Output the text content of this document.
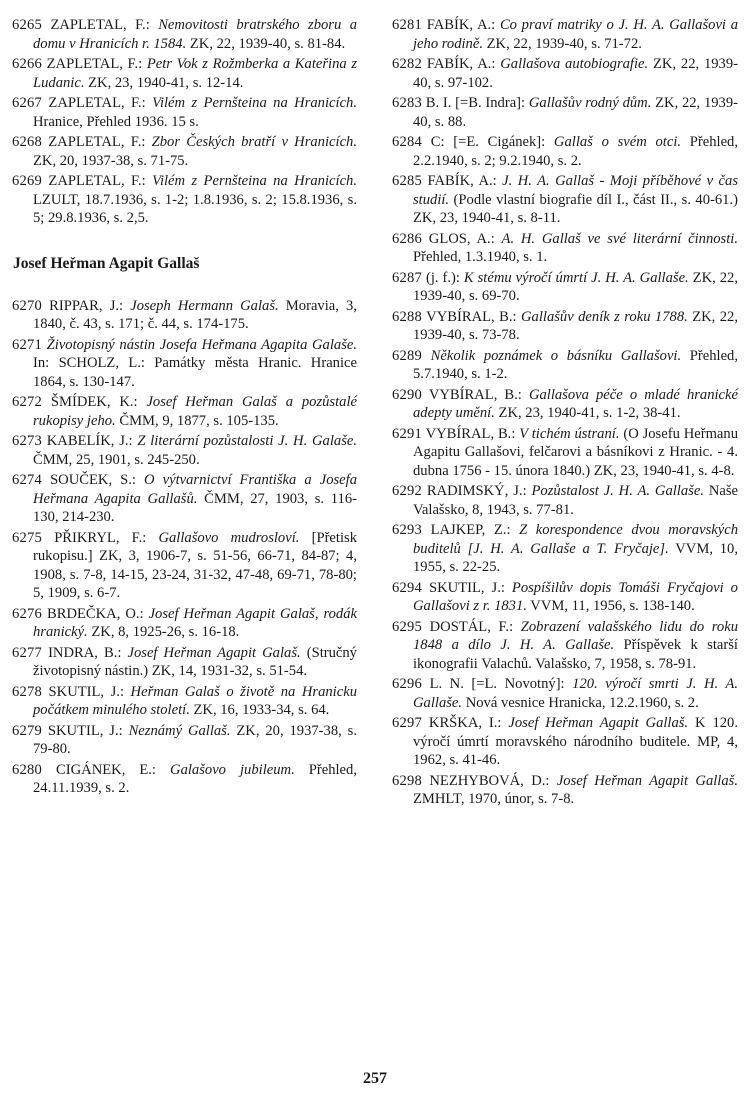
6265 ZAPLETAL, F.: Nemovitosti bratrského zboru a domu v Hranicích r. 1584. ZK, 22, 1939-40, s. 81-84.
6266 ZAPLETAL, F.: Petr Vok z Rožmberka a Kateřina z Ludanic. ZK, 23, 1940-41, s. 12-14.
6267 ZAPLETAL, F.: Vilém z Pernšteina na Hranicích. Hranice, Přehled 1936. 15 s.
6268 ZAPLETAL, F.: Zbor Českých bratří v Hranicích. ZK, 20, 1937-38, s. 71-75.
6269 ZAPLETAL, F.: Vilém z Pernšteina na Hranicích. LZULT, 18.7.1936, s. 1-2; 1.8.1936, s. 2; 15.8.1936, s. 5; 29.8.1936, s. 2,5.
Josef Heřman Agapit Gallaš
6270 RIPPAR, J.: Joseph Hermann Galaš. Moravia, 3, 1840, č. 43, s. 171; č. 44, s. 174-175.
6271 Životopisný nástin Josefa Heřmana Agapita Galaše. In: SCHOLZ, L.: Památky města Hranic. Hranice 1864, s. 130-147.
6272 ŠMÍDEK, K.: Josef Heřman Galaš a pozůstalé rukopisy jeho. ČMM, 9, 1877, s. 105-135.
6273 KABELÍK, J.: Z literární pozůstalosti J. H. Galaše. ČMM, 25, 1901, s. 245-250.
6274 SOUČEK, S.: O výtvarnictví Františka a Josefa Heřmana Agapita Gallašů. ČMM, 27, 1903, s. 116-130, 214-230.
6275 PŘIKRYL, F.: Gallašovo mudrosloví. [Přetisk rukopisu.] ZK, 3, 1906-7, s. 51-56, 66-71, 84-87; 4, 1908, s. 7-8, 14-15, 23-24, 31-32, 47-48, 69-71, 78-80; 5, 1909, s. 6-7.
6276 BRDEČKA, O.: Josef Heřman Agapit Galaš, rodák hranický. ZK, 8, 1925-26, s. 16-18.
6277 INDRA, B.: Josef Heřman Agapit Galaš. (Stručný životopisný nástin.) ZK, 14, 1931-32, s. 51-54.
6278 SKUTIL, J.: Heřman Galaš o životě na Hranicku počátkem minulého století. ZK, 16, 1933-34, s. 64.
6279 SKUTIL, J.: Neznámý Gallaš. ZK, 20, 1937-38, s. 79-80.
6280 CIGÁNEK, E.: Galašovo jubileum. Přehled, 24.11.1939, s. 2.
6281 FABÍK, A.: Co praví matriky o J. H. A. Gallašovi a jeho rodině. ZK, 22, 1939-40, s. 71-72.
6282 FABÍK, A.: Gallašova autobiografie. ZK, 22, 1939-40, s. 97-102.
6283 B. I. [=B. Indra]: Gallašův rodný dům. ZK, 22, 1939-40, s. 88.
6284 C: [=E. Cigánek]: Gallaš o svém otci. Přehled, 2.2.1940, s. 2; 9.2.1940, s. 2.
6285 FABÍK, A.: J. H. A. Gallaš - Moji příběhové v čas studií. (Podle vlastní biografie díl I., část II., s. 40-61.) ZK, 23, 1940-41, s. 8-11.
6286 GLOS, A.: A. H. Gallaš ve své literární činnosti. Přehled, 1.3.1940, s. 1.
6287 (j. f.): K stému výročí úmrtí J. H. A. Gallaše. ZK, 22, 1939-40, s. 69-70.
6288 VYBÍRAL, B.: Gallašův deník z roku 1788. ZK, 22, 1939-40, s. 73-78.
6289 Několik poznámek o básníku Gallašovi. Přehled, 5.7.1940, s. 1-2.
6290 VYBÍRAL, B.: Gallašova péče o mladé hranické adepty umění. ZK, 23, 1940-41, s. 1-2, 38-41.
6291 VYBÍRAL, B.: V tichém ústraní. (O Josefu Heřmanu Agapitu Gallašovi, felčarovi a básníkovi z Hranic. - 4. dubna 1756 - 15. února 1840.) ZK, 23, 1940-41, s. 4-8.
6292 RADIMSKÝ, J.: Pozůstalost J. H. A. Gallaše. Naše Valašsko, 8, 1943, s. 77-81.
6293 LAJKEP, Z.: Z korespondence dvou moravských buditelů [J. H. A. Gallaše a T. Fryčaje]. VVM, 10, 1955, s. 22-25.
6294 SKUTIL, J.: Pospíšilův dopis Tomáši Fryčajovi o Gallašovi z r. 1831. VVM, 11, 1956, s. 138-140.
6295 DOSTÁL, F.: Zobrazení valašského lidu do roku 1848 a dílo J. H. A. Gallaše. Příspěvek k starší ikonografii Valachů. Valašsko, 7, 1958, s. 78-91.
6296 L. N. [=L. Novotný]: 120. výročí smrti J. H. A. Gallaše. Nová vesnice Hranicka, 12.2.1960, s. 2.
6297 KRŠKA, I.: Josef Heřman Agapit Gallaš. K 120. výročí úmrtí moravského národního buditele. MP, 4, 1962, s. 41-46.
6298 NEZHYBOVÁ, D.: Josef Heřman Agapit Gallaš. ZMHLT, 1970, únor, s. 7-8.
257
